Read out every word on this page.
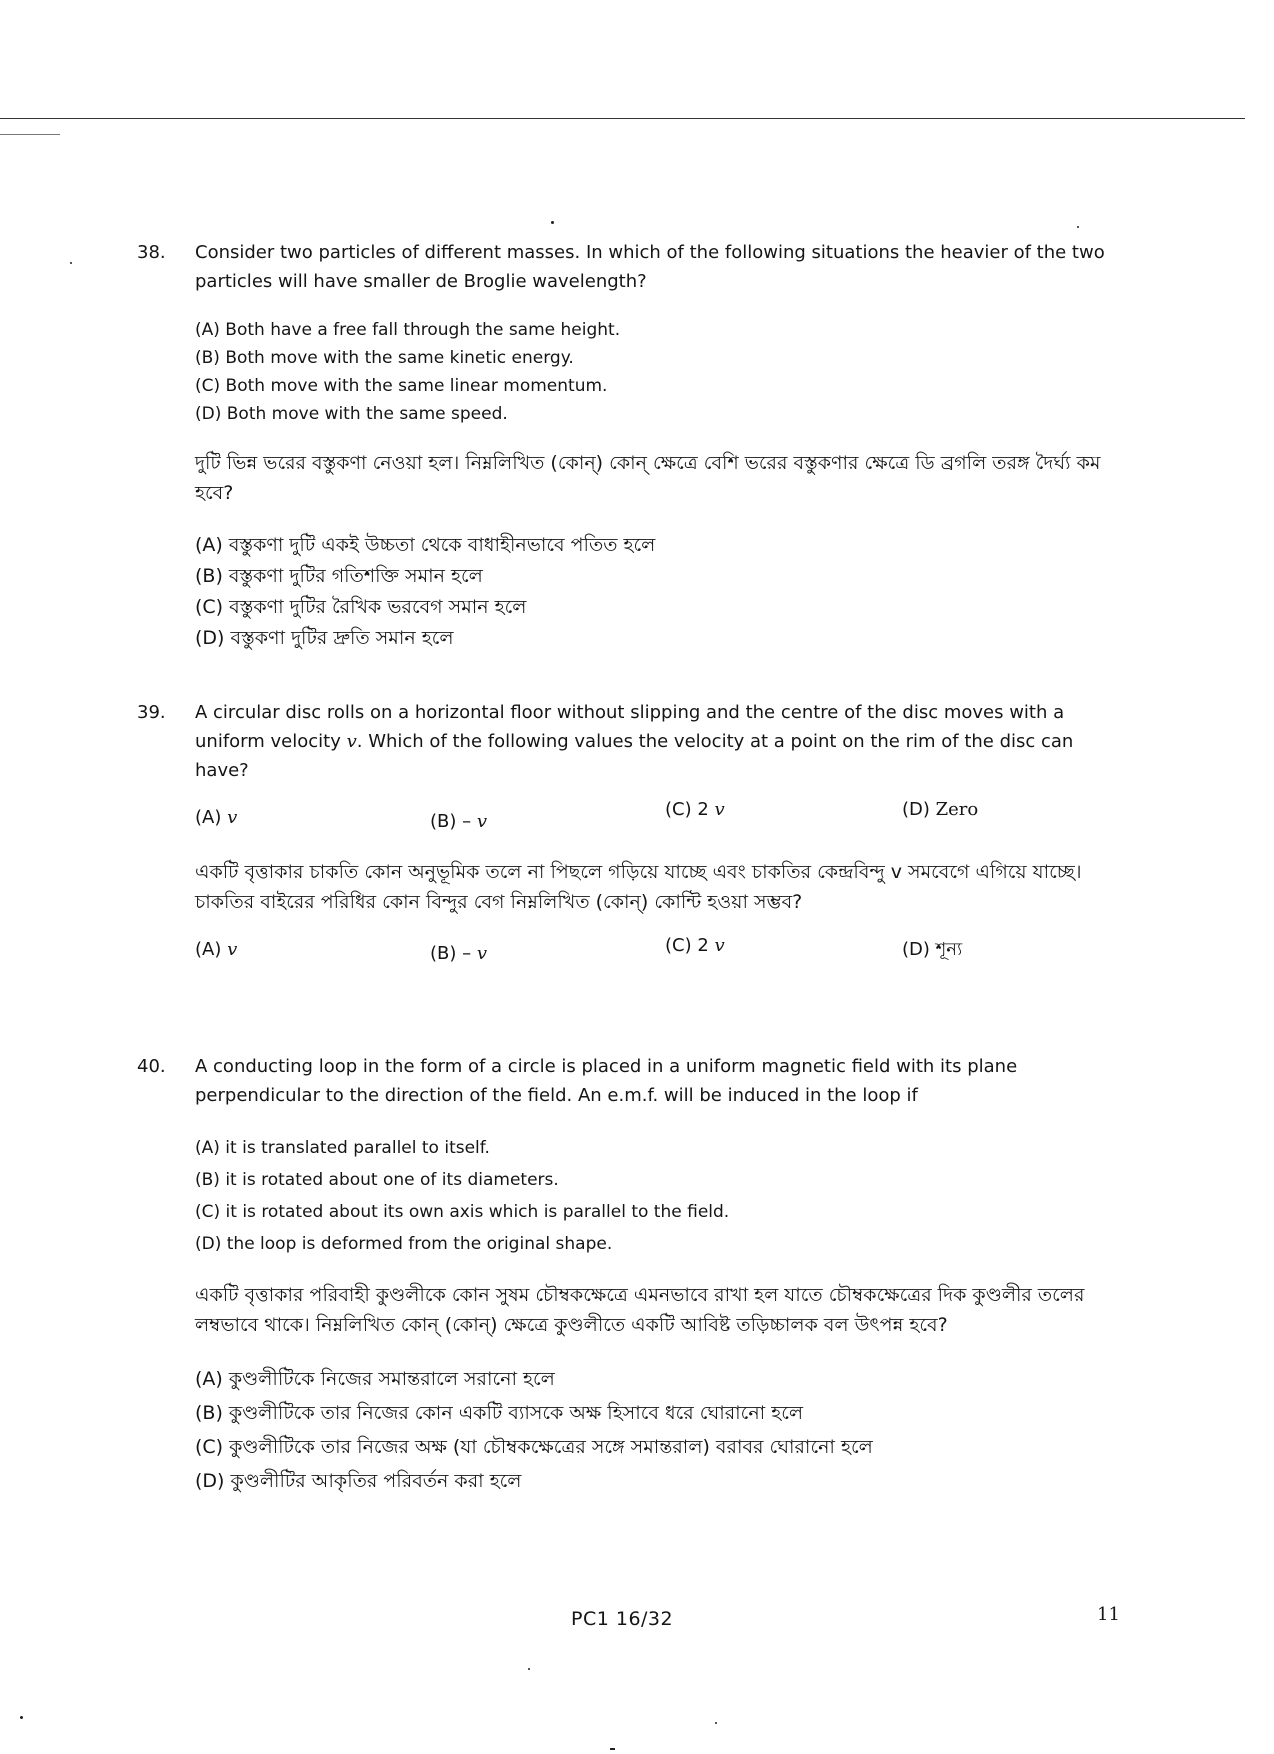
38. Consider two particles of different masses. In which of the following situations the heavier of the two particles will have smaller de Broglie wavelength?
(A) Both have a free fall through the same height.
(B) Both move with the same kinetic energy.
(C) Both move with the same linear momentum.
(D) Both move with the same speed.
দুটি ভিন্ন ভরের বস্তুকণা নেওয়া হল। নিম্নলিখিত (কোন্) কোন্ ক্ষেত্রে বেশি ভরের বস্তুকণার ক্ষেত্রে ডি ব্রগলি তরঙ্গ দৈর্ঘ্য কম হবে?
(A) বস্তুকণা দুটি একই উচ্চতা থেকে বাধাহীনভাবে পতিত হলে
(B) বস্তুকণা দুটির গতিশক্তি সমান হলে
(C) বস্তুকণা দুটির রৈখিক ভরবেগ সমান হলে
(D) বস্তুকণা দুটির দ্রুতি সমান হলে
39. A circular disc rolls on a horizontal floor without slipping and the centre of the disc moves with a uniform velocity v. Which of the following values the velocity at a point on the rim of the disc can have?
(A) v	(B) – v
(C) 2 v	(D) Zero
একটি বৃত্তাকার চাকতি কোন অনুভূমিক তলে না পিছলে গড়িয়ে যাচ্ছে এবং চাকতির কেন্দ্রবিন্দু v সমবেগে এগিয়ে যাচ্ছে। চাকতির বাইরের পরিধির কোন বিন্দুর বেগ নিম্নলিখিত (কোন্) কোন্টি হওয়া সম্ভব?
(A) v	(B) – v	(C) 2 v	(D) শূন্য
40. A conducting loop in the form of a circle is placed in a uniform magnetic field with its plane perpendicular to the direction of the field. An e.m.f. will be induced in the loop if
(A) it is translated parallel to itself.
(B) it is rotated about one of its diameters.
(C) it is rotated about its own axis which is parallel to the field.
(D) the loop is deformed from the original shape.
একটি বৃত্তাকার পরিবাহী কুণ্ডলীকে কোন সুষম চৌম্বকক্ষেত্রে এমনভাবে রাখা হল যাতে চৌম্বকক্ষেত্রের দিক কুণ্ডলীর তলের লম্বভাবে থাকে। নিম্নলিখিত কোন্ (কোন্) ক্ষেত্রে কুণ্ডলীতে একটি আবিষ্ট তড়িচ্চালক বল উৎপন্ন হবে?
(A) কুণ্ডলীটিকে নিজের সমান্তরালে সরানো হলে
(B) কুণ্ডলীটিকে তার নিজের কোন একটি ব্যাসকে অক্ষ হিসাবে ধরে ঘোরানো হলে
(C) কুণ্ডলীটিকে তার নিজের অক্ষ (যা চৌম্বকক্ষেত্রের সঙ্গে সমান্তরাল) বরাবর ঘোরানো হলে
(D) কুণ্ডলীটির আকৃতির পরিবর্তন করা হলে
PC1 16/32	11
